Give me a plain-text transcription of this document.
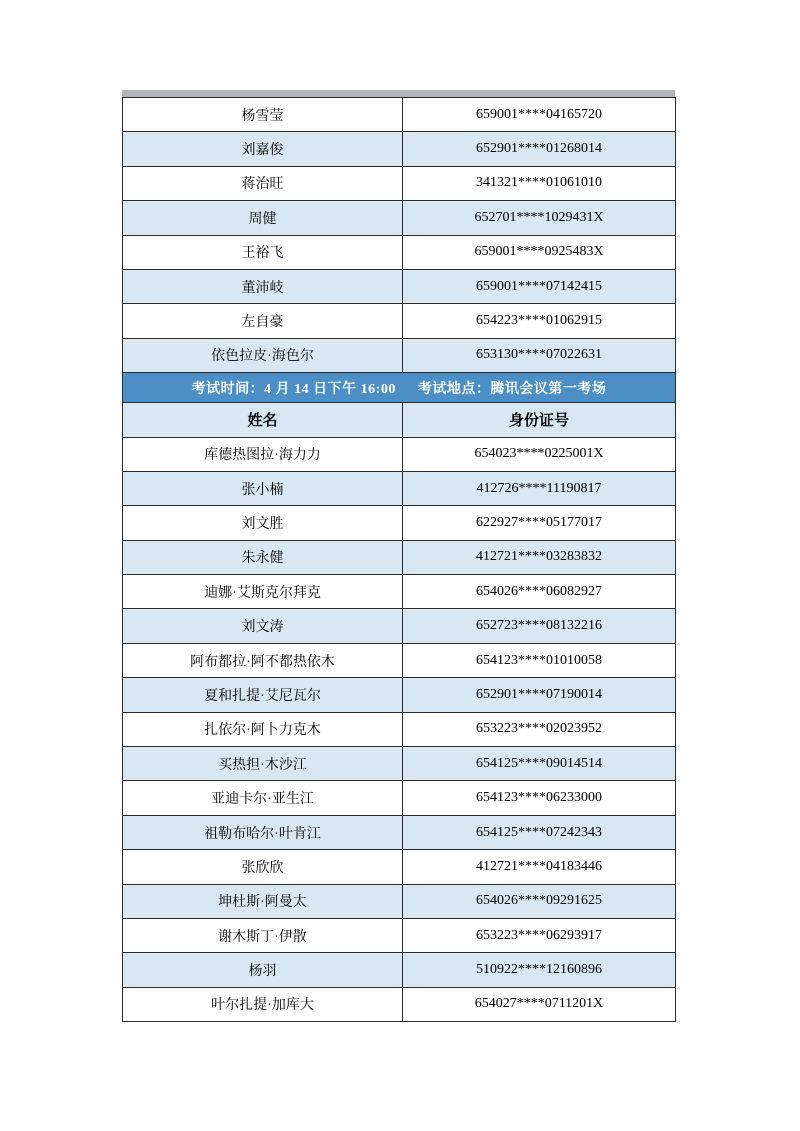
杨雪莹	659001****04165720
刘嘉俊	652901****01268014
蒋治旺	341321****01061010
周健	652701****1029431X
王裕飞	659001****0925483X
董沛岐	659001****07142415
左自豪	654223****01062915
依色拉皮·海色尔	653130****07022631
考试时间：4 月 14 日下午 16:00 考试地点：腾讯会议第一考场	
姓名	身份证号
库德热图拉·海力力	654023****0225001X
张小楠	412726****11190817
刘文胜	622927****05177017
朱永健	412721****03283832
迪娜·艾斯克尔拜克	654026****06082927
刘文涛	652723****08132216
阿布都拉·阿不都热依木	654123****01010058
夏和扎提·艾尼瓦尔	652901****07190014
扎依尔·阿卜力克木	653223****02023952
买热担·木沙江	654125****09014514
亚迪卡尔·亚生江	654123****06233000
祖勒布哈尔·叶肯江	654125****07242343
张欣欣	412721****04183446
坤杜斯·阿曼太	654026****09291625
谢木斯丁·伊散	653223****06293917
杨羽	510922****12160896
叶尔扎提·加库大	654027****0711201X
